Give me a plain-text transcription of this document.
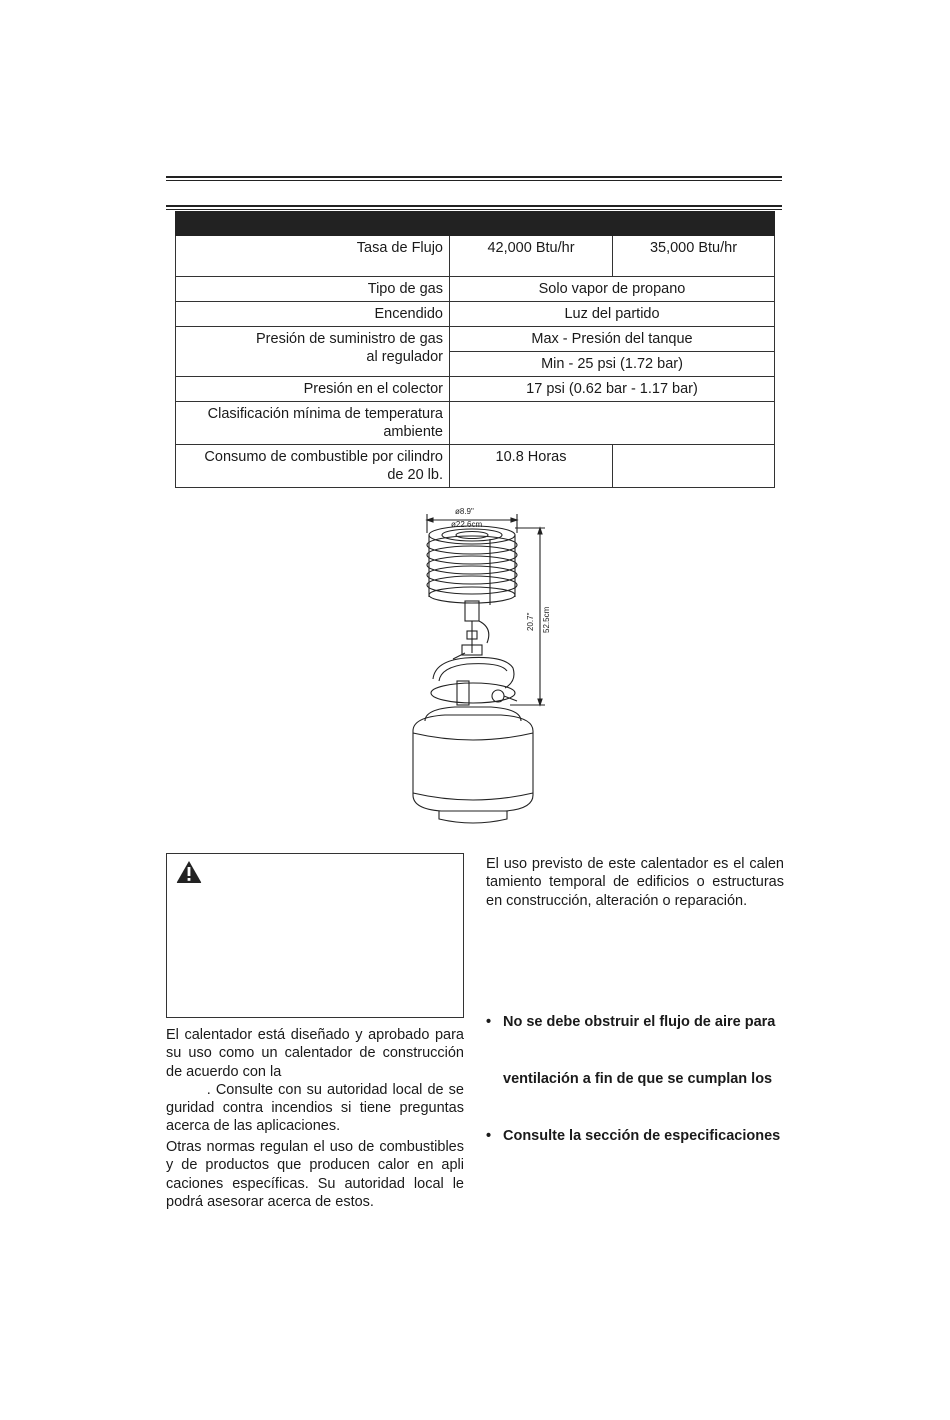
Tasa de Flujo	42,000 Btu/hr	35,000 Btu/hr
Tipo de gas	Solo vapor de propano	
Encendido	Luz del partido	
Presión de suministro de gas
al regulador	Max - Presión del tanque	
	Min - 25 psi (1.72 bar)	
Presión en el colector	17 psi (0.62 bar - 1.17 bar)	
Clasificación mínima de temperatura
ambiente		
Consumo de combustible por cilindro
de 20 lb.	10.8 Horas	
ø8.9"
ø22.6cm
20.7" 52.5cm

El uso previsto de este calentador es el calen
tamiento temporal de edificios o estructuras
en construcción, alteración o reparación.

• No se debe obstruir el flujo de aire para
ventilación a fin de que se cumplan los
• Consulte la sección de especificaciones

El calentador está diseñado y aprobado para
su uso como un calentador de construcción
de acuerdo con la
. Consulte con su autoridad local de se
guridad contra incendios si tiene preguntas
acerca de las aplicaciones.

Otras normas regulan el uso de combustibles
y de productos que producen calor en apli
caciones específicas. Su autoridad local le
podrá asesorar acerca de estos.
